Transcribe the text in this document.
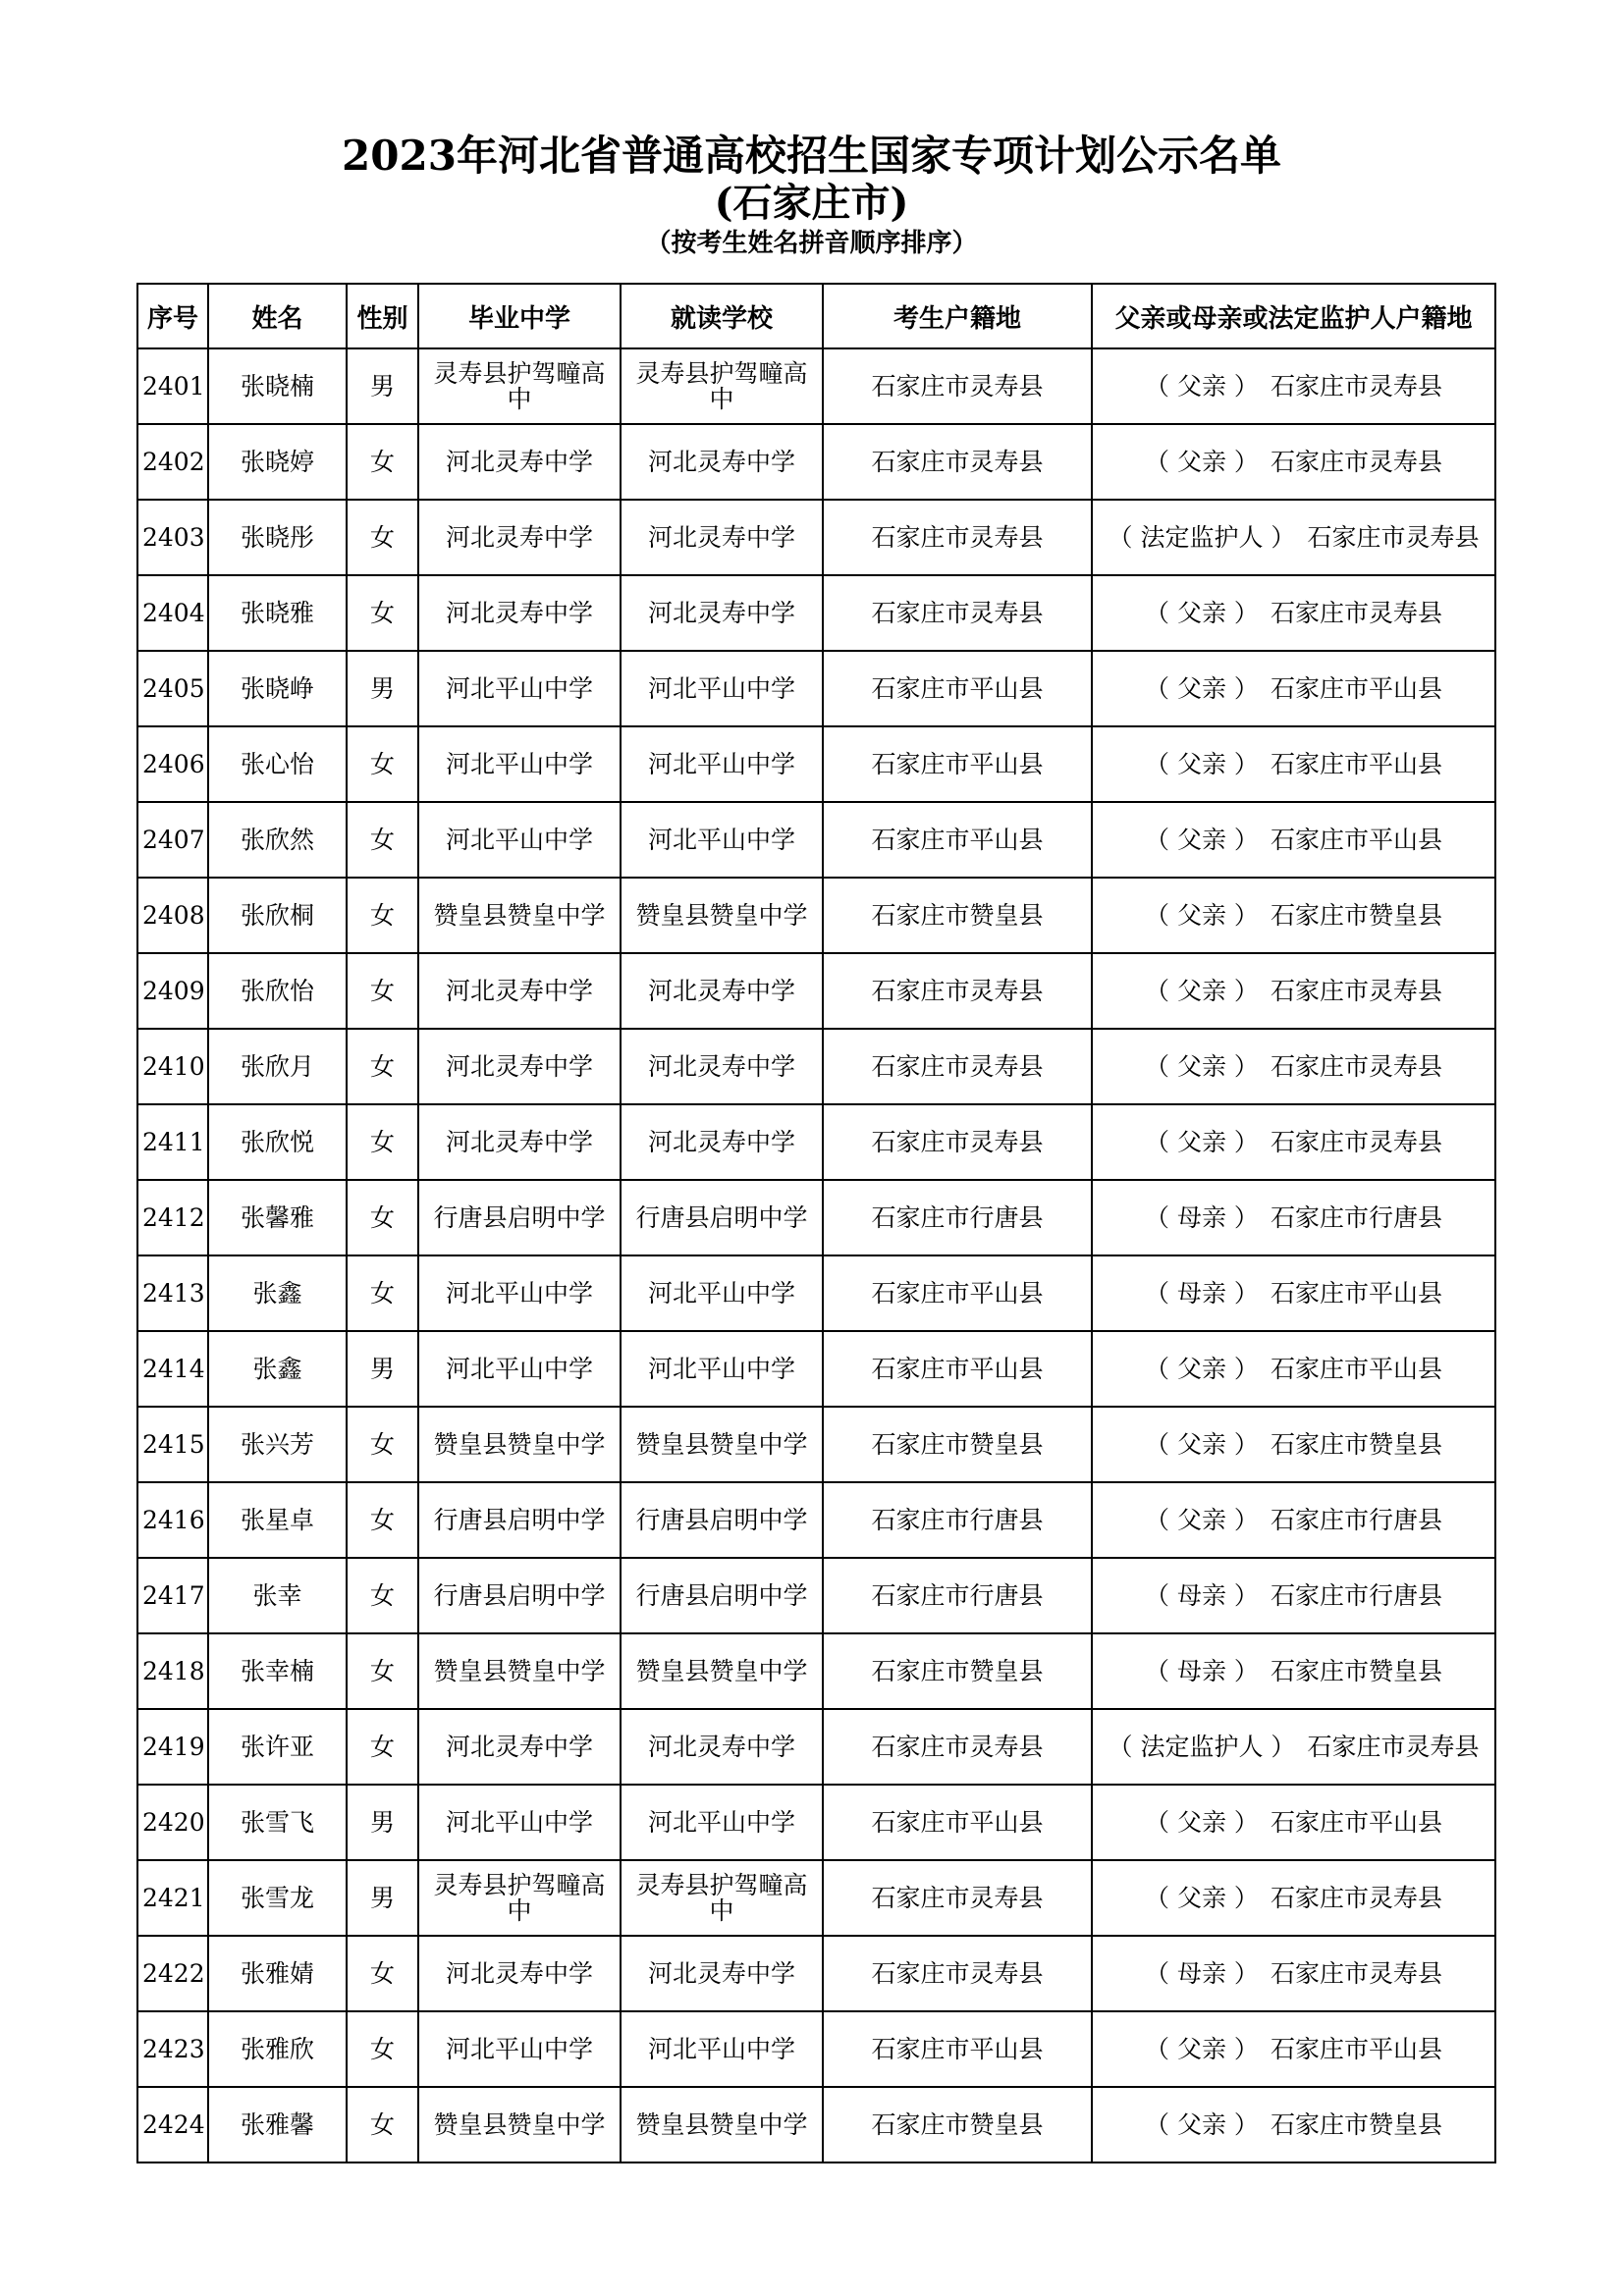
2023年河北省普通高校招生国家专项计划公示名单
(石家庄市)
（按考生姓名拼音顺序排序）
序号	姓名	性别	毕业中学	就读学校	考生户籍地	父亲或母亲或法定监护人户籍地
2401	张晓楠	男	灵寿县护驾疃高中	灵寿县护驾疃高中	石家庄市灵寿县	（ 父亲 ） 石家庄市灵寿县
2402	张晓婷	女	河北灵寿中学	河北灵寿中学	石家庄市灵寿县	（ 父亲 ） 石家庄市灵寿县
2403	张晓彤	女	河北灵寿中学	河北灵寿中学	石家庄市灵寿县	（ 法定监护人 ） 石家庄市灵寿县
2404	张晓雅	女	河北灵寿中学	河北灵寿中学	石家庄市灵寿县	（ 父亲 ） 石家庄市灵寿县
2405	张晓峥	男	河北平山中学	河北平山中学	石家庄市平山县	（ 父亲 ） 石家庄市平山县
2406	张心怡	女	河北平山中学	河北平山中学	石家庄市平山县	（ 父亲 ） 石家庄市平山县
2407	张欣然	女	河北平山中学	河北平山中学	石家庄市平山县	（ 父亲 ） 石家庄市平山县
2408	张欣桐	女	赞皇县赞皇中学	赞皇县赞皇中学	石家庄市赞皇县	（ 父亲 ） 石家庄市赞皇县
2409	张欣怡	女	河北灵寿中学	河北灵寿中学	石家庄市灵寿县	（ 父亲 ） 石家庄市灵寿县
2410	张欣月	女	河北灵寿中学	河北灵寿中学	石家庄市灵寿县	（ 父亲 ） 石家庄市灵寿县
2411	张欣悦	女	河北灵寿中学	河北灵寿中学	石家庄市灵寿县	（ 父亲 ） 石家庄市灵寿县
2412	张馨雅	女	行唐县启明中学	行唐县启明中学	石家庄市行唐县	（ 母亲 ） 石家庄市行唐县
2413	张鑫	女	河北平山中学	河北平山中学	石家庄市平山县	（ 母亲 ） 石家庄市平山县
2414	张鑫	男	河北平山中学	河北平山中学	石家庄市平山县	（ 父亲 ） 石家庄市平山县
2415	张兴芳	女	赞皇县赞皇中学	赞皇县赞皇中学	石家庄市赞皇县	（ 父亲 ） 石家庄市赞皇县
2416	张星卓	女	行唐县启明中学	行唐县启明中学	石家庄市行唐县	（ 父亲 ） 石家庄市行唐县
2417	张幸	女	行唐县启明中学	行唐县启明中学	石家庄市行唐县	（ 母亲 ） 石家庄市行唐县
2418	张幸楠	女	赞皇县赞皇中学	赞皇县赞皇中学	石家庄市赞皇县	（ 母亲 ） 石家庄市赞皇县
2419	张许亚	女	河北灵寿中学	河北灵寿中学	石家庄市灵寿县	（ 法定监护人 ） 石家庄市灵寿县
2420	张雪飞	男	河北平山中学	河北平山中学	石家庄市平山县	（ 父亲 ） 石家庄市平山县
2421	张雪龙	男	灵寿县护驾疃高中	灵寿县护驾疃高中	石家庄市灵寿县	（ 父亲 ） 石家庄市灵寿县
2422	张雅婧	女	河北灵寿中学	河北灵寿中学	石家庄市灵寿县	（ 母亲 ） 石家庄市灵寿县
2423	张雅欣	女	河北平山中学	河北平山中学	石家庄市平山县	（ 父亲 ） 石家庄市平山县
2424	张雅馨	女	赞皇县赞皇中学	赞皇县赞皇中学	石家庄市赞皇县	（ 父亲 ） 石家庄市赞皇县
